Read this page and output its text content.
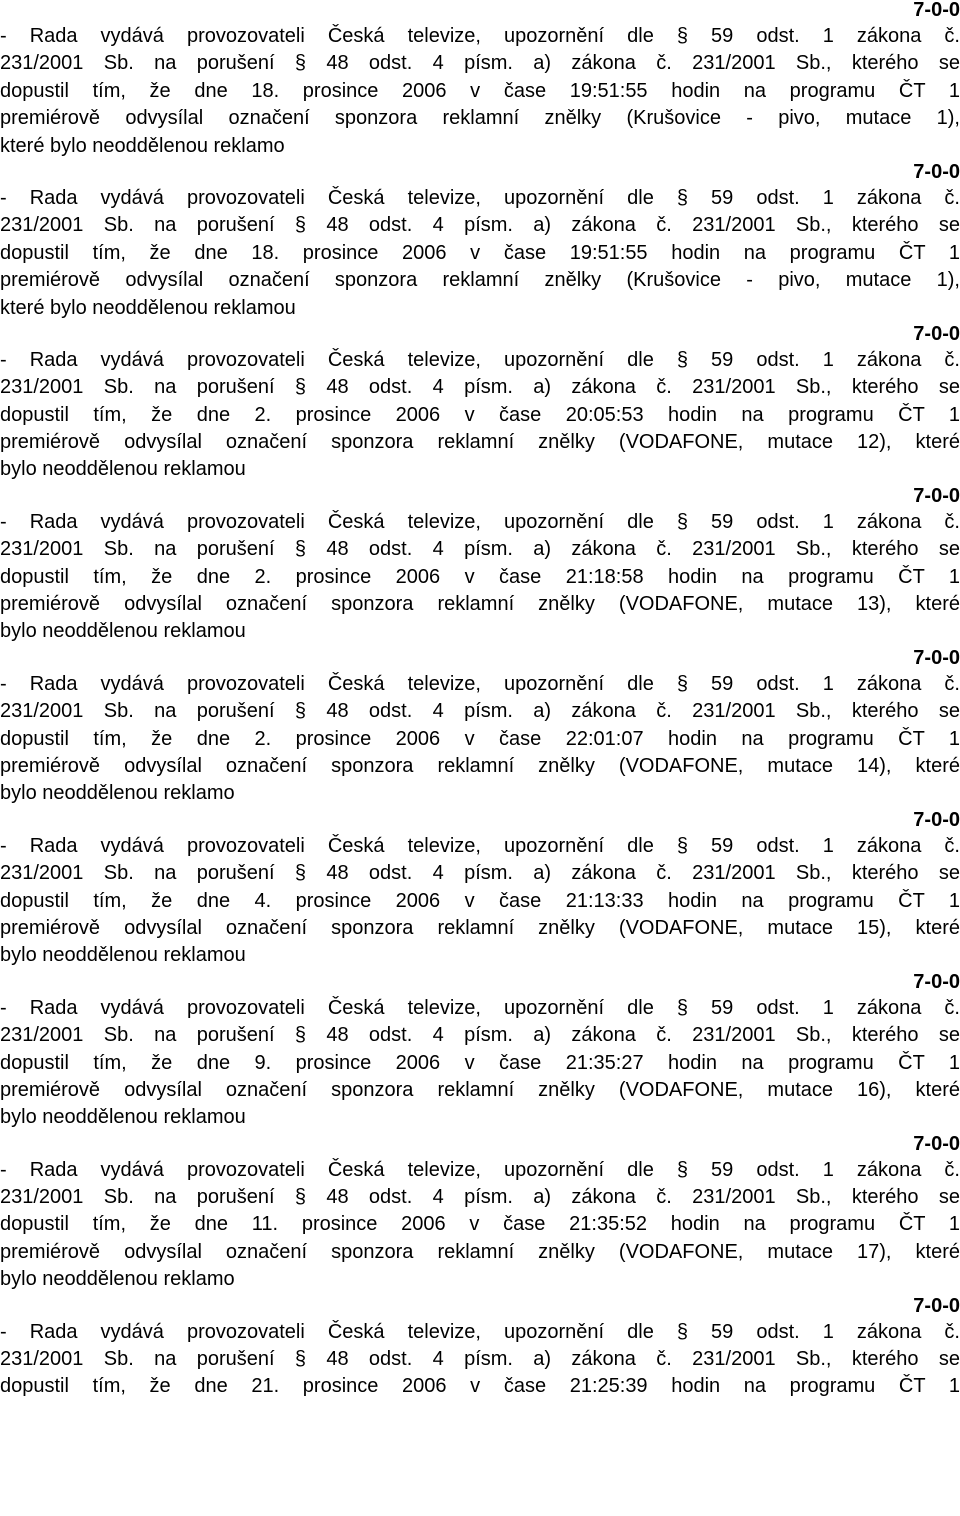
7-0-0
- Rada vydává provozovateli Česká televize, upozornění dle § 59 odst. 1 zákona č.
231/2001 Sb. na porušení § 48 odst. 4 písm. a) zákona č. 231/2001 Sb., kterého se
dopustil tím, že dne 18. prosince 2006 v čase 19:51:55 hodin na programu ČT 1
premiérově odvysílal označení sponzora reklamní znělky (Krušovice - pivo, mutace 1),
které bylo neoddělenou reklamo
7-0-0
- Rada vydává provozovateli Česká televize, upozornění dle § 59 odst. 1 zákona č.
231/2001 Sb. na porušení § 48 odst. 4 písm. a) zákona č. 231/2001 Sb., kterého se
dopustil tím, že dne 18. prosince 2006 v čase 19:51:55 hodin na programu ČT 1
premiérově odvysílal označení sponzora reklamní znělky (Krušovice - pivo, mutace 1),
které bylo neoddělenou reklamou
7-0-0
- Rada vydává provozovateli Česká televize, upozornění dle § 59 odst. 1 zákona č.
231/2001 Sb. na porušení § 48 odst. 4 písm. a) zákona č. 231/2001 Sb., kterého se
dopustil tím, že dne 2. prosince 2006 v čase 20:05:53 hodin na programu ČT 1
premiérově odvysílal označení sponzora reklamní znělky (VODAFONE, mutace 12), které
bylo neoddělenou reklamou
7-0-0
- Rada vydává provozovateli Česká televize, upozornění dle § 59 odst. 1 zákona č.
231/2001 Sb. na porušení § 48 odst. 4 písm. a) zákona č. 231/2001 Sb., kterého se
dopustil tím, že dne 2. prosince 2006 v čase 21:18:58 hodin na programu ČT 1
premiérově odvysílal označení sponzora reklamní znělky (VODAFONE, mutace 13), které
bylo neoddělenou reklamou
7-0-0
- Rada vydává provozovateli Česká televize, upozornění dle § 59 odst. 1 zákona č.
231/2001 Sb. na porušení § 48 odst. 4 písm. a) zákona č. 231/2001 Sb., kterého se
dopustil tím, že dne 2. prosince 2006 v čase 22:01:07 hodin na programu ČT 1
premiérově odvysílal označení sponzora reklamní znělky (VODAFONE, mutace 14), které
bylo neoddělenou reklamo
7-0-0
- Rada vydává provozovateli Česká televize, upozornění dle § 59 odst. 1 zákona č.
231/2001 Sb. na porušení § 48 odst. 4 písm. a) zákona č. 231/2001 Sb., kterého se
dopustil tím, že dne 4. prosince 2006 v čase 21:13:33 hodin na programu ČT 1
premiérově odvysílal označení sponzora reklamní znělky (VODAFONE, mutace 15), které
bylo neoddělenou reklamou
7-0-0
- Rada vydává provozovateli Česká televize, upozornění dle § 59 odst. 1 zákona č.
231/2001 Sb. na porušení § 48 odst. 4 písm. a) zákona č. 231/2001 Sb., kterého se
dopustil tím, že dne 9. prosince 2006 v čase 21:35:27 hodin na programu ČT 1
premiérově odvysílal označení sponzora reklamní znělky (VODAFONE, mutace 16), které
bylo neoddělenou reklamou
7-0-0
- Rada vydává provozovateli Česká televize, upozornění dle § 59 odst. 1 zákona č.
231/2001 Sb. na porušení § 48 odst. 4 písm. a) zákona č. 231/2001 Sb., kterého se
dopustil tím, že dne 11. prosince 2006 v čase 21:35:52 hodin na programu ČT 1
premiérově odvysílal označení sponzora reklamní znělky (VODAFONE, mutace 17), které
bylo neoddělenou reklamo
7-0-0
- Rada vydává provozovateli Česká televize, upozornění dle § 59 odst. 1 zákona č.
231/2001 Sb. na porušení § 48 odst. 4 písm. a) zákona č. 231/2001 Sb., kterého se
dopustil tím, že dne 21. prosince 2006 v čase 21:25:39 hodin na programu ČT 1
